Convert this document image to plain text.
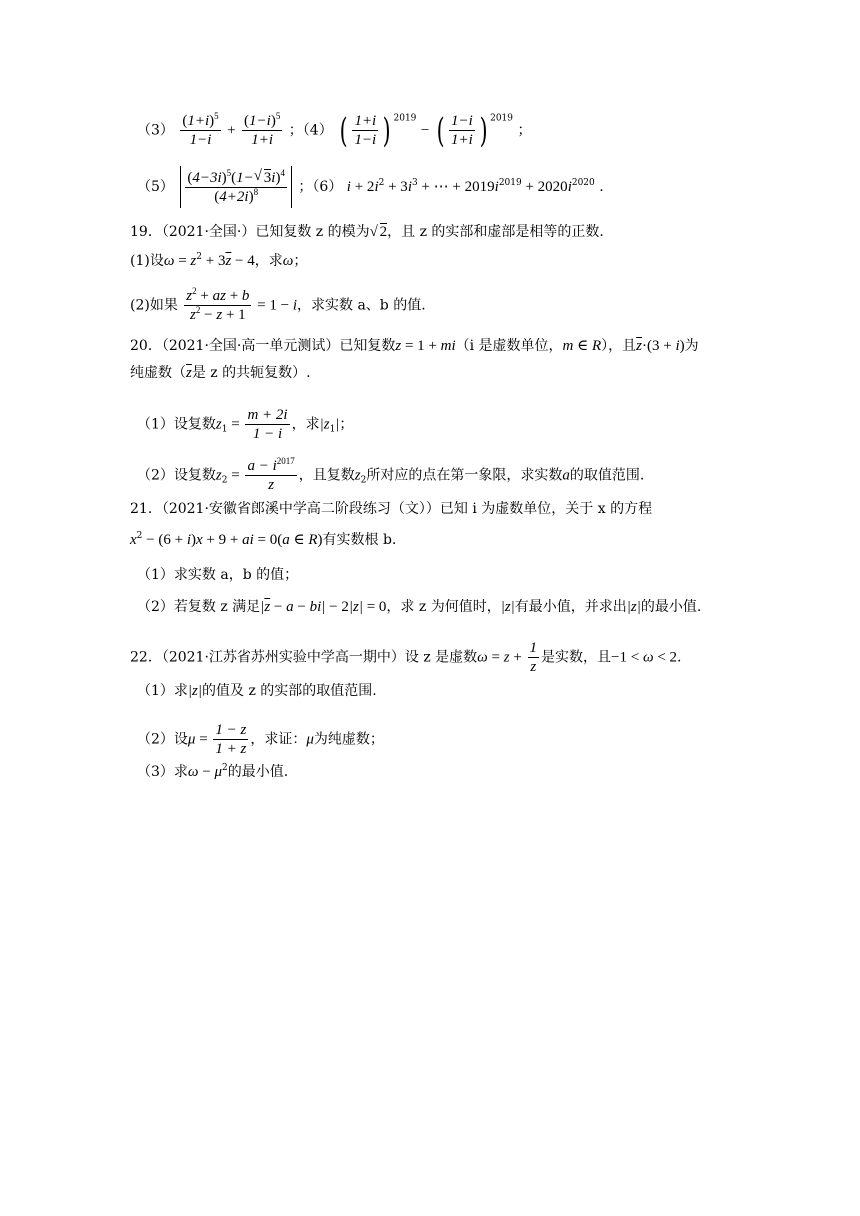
$(3) \frac{(1+i)^5}{1-i} + \frac{(1-i)^5}{1+i}$ ；（4） ( $\frac{1+i}{1-i}$ ) $^{2019}$ − ( $\frac{1-i}{1+i}$ ) $^{2019}$ ；
$(5) \frac{(4-3i)^5(1- √ 3i)^4}{(4+2i)^8}$ ；（6） $i + 2i^2 + 3i^3$ + ⋯ + $2019i^{2019} + 2020i^{2020}$ .
19．（2021·全国·）已知复数 z 的模为 √ 2，且 z 的实部和虚部是相等的正数.
(1)设$\omega = z^2 + 3\overline{z} - 4$，求ω；
(2)如果 $\frac{z^2 + az + b}{z^2 - z + 1} = 1 - i$，求实数 a、b 的值.
20．（2021·全国·高一单元测试）已知复数z = 1 + mi（i 是虚数单位，m ∈ R），且$\overline{z}\cdot(3 + i)$为
纯虚数（$\overline{z}$是 z 的共轭复数）.
（1）设复数$z_1 = \frac{m + 2i}{1 - i}$ ，求$|z_1|$；
（2）设复数$z_2 = \frac{a - i^{2017}}{z}$ ，且复数$z_2$所对应的点在第一象限，求实数a的取值范围.
21．（2021·安徽省郎溪中学高二阶段练习（文））已知 i 为虚数单位，关于 x 的方程
$x^2 - (6 + i)x + 9$ + ai = 0(a ∈ R)有实数根 b.
（1）求实数 a，b 的值；
（2）若复数 z 满足$|\overline{z} - a - bi| - 2|z| = 0$，求 z 为何值时，|z|有最小值，并求出|z|的最小值.
22．（2021·江苏省苏州实验中学高一期中）设 z 是虚数$\omega = z + \frac{1}{z}$ 是实数，且−1 < ω < 2.
（1）求|z|的值及 z 的实部的取值范围.
（2）设$\mu = \frac{1 - z}{1 + z}$ ，求证：μ为纯虚数；
（3）求$\omega - \mu^2$的最小值.
